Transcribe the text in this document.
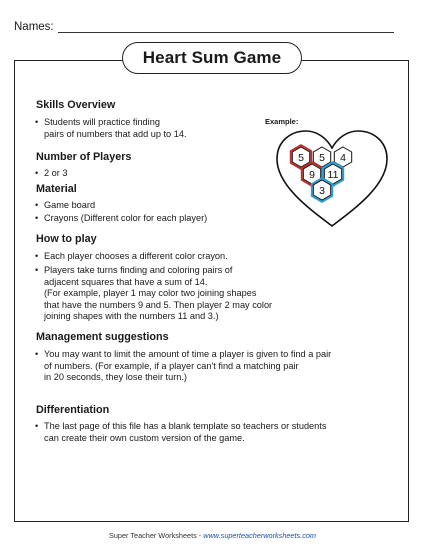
Names:
Heart Sum Game
Skills Overview
• Students will practice finding
pairs of numbers that add up to 14.
Number of Players
• 2 or 3
Material
• Game board
• Crayons (Different color for each player)
How to play
• Each player chooses a different color crayon.
• Players take turns finding and coloring pairs of
adjacent squares that have a sum of 14.
(For example, player 1 may color two joining shapes
that have the numbers 9 and 5. Then player 2 may color
joining shapes with the numbers 11 and 3.)
Management suggestions
• You may want to limit the amount of time a player is given to find a pair
of numbers. (For example, if a player can't find a matching pair
in 20 seconds, they lose their turn.)
Differentiation
• The last page of this file has a blank template so teachers or students
can create their own custom version of the game.
Example:
5 5 4
9 11
3
Super Teacher Worksheets - www.superteacherworksheets.com
